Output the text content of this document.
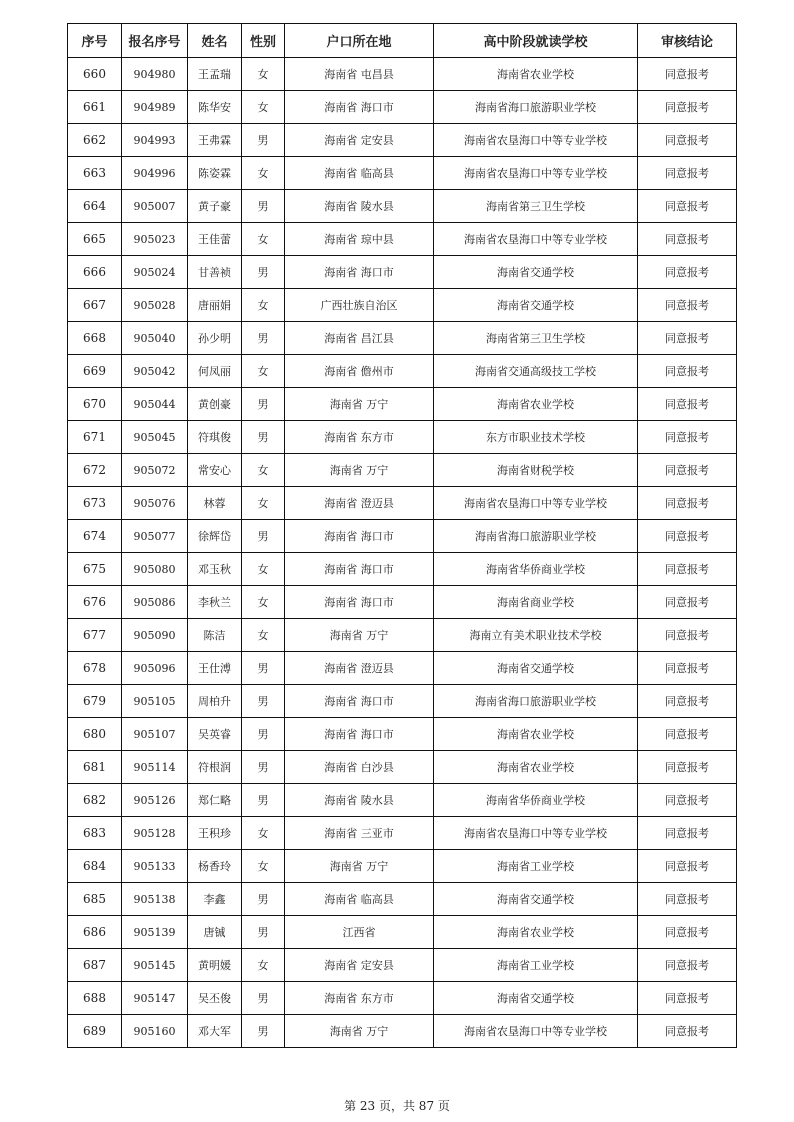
序号	报名序号	姓名	性别	户口所在地	高中阶段就读学校	审核结论
660	904980	王孟瑞	女	海南省 屯昌县	海南省农业学校	同意报考
661	904989	陈华安	女	海南省 海口市	海南省海口旅游职业学校	同意报考
662	904993	王弗霖	男	海南省 定安县	海南省农垦海口中等专业学校	同意报考
663	904996	陈姿霖	女	海南省 临高县	海南省农垦海口中等专业学校	同意报考
664	905007	黄子豪	男	海南省 陵水县	海南省第三卫生学校	同意报考
665	905023	王佳蕾	女	海南省 琼中县	海南省农垦海口中等专业学校	同意报考
666	905024	甘善祯	男	海南省 海口市	海南省交通学校	同意报考
667	905028	唐丽娟	女	广西壮族自治区	海南省交通学校	同意报考
668	905040	孙少明	男	海南省 昌江县	海南省第三卫生学校	同意报考
669	905042	何凤丽	女	海南省 儋州市	海南省交通高级技工学校	同意报考
670	905044	黄创豪	男	海南省 万宁	海南省农业学校	同意报考
671	905045	符琪俊	男	海南省 东方市	东方市职业技术学校	同意报考
672	905072	常安心	女	海南省 万宁	海南省财税学校	同意报考
673	905076	林蓉	女	海南省 澄迈县	海南省农垦海口中等专业学校	同意报考
674	905077	徐辉岱	男	海南省 海口市	海南省海口旅游职业学校	同意报考
675	905080	邓玉秋	女	海南省 海口市	海南省华侨商业学校	同意报考
676	905086	李秋兰	女	海南省 海口市	海南省商业学校	同意报考
677	905090	陈洁	女	海南省 万宁	海南立有美术职业技术学校	同意报考
678	905096	王仕溥	男	海南省 澄迈县	海南省交通学校	同意报考
679	905105	周柏升	男	海南省 海口市	海南省海口旅游职业学校	同意报考
680	905107	吴英睿	男	海南省 海口市	海南省农业学校	同意报考
681	905114	符根润	男	海南省 白沙县	海南省农业学校	同意报考
682	905126	郑仁略	男	海南省 陵水县	海南省华侨商业学校	同意报考
683	905128	王积珍	女	海南省 三亚市	海南省农垦海口中等专业学校	同意报考
684	905133	杨香玲	女	海南省 万宁	海南省工业学校	同意报考
685	905138	李鑫	男	海南省 临高县	海南省交通学校	同意报考
686	905139	唐铖	男	江西省	海南省农业学校	同意报考
687	905145	黄明媛	女	海南省 定安县	海南省工业学校	同意报考
688	905147	吴丕俊	男	海南省 东方市	海南省交通学校	同意报考
689	905160	邓大军	男	海南省 万宁	海南省农垦海口中等专业学校	同意报考
第 23 页，共 87 页
